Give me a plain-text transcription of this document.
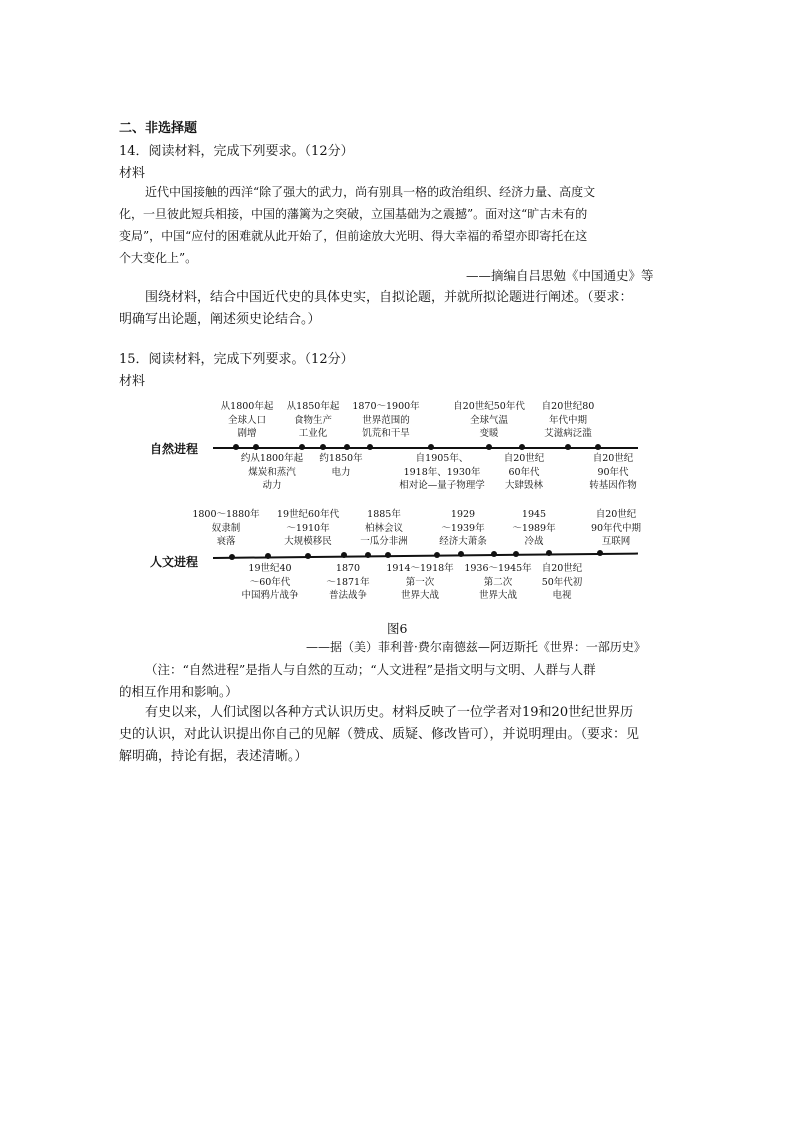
二、非选择题
14．阅读材料，完成下列要求。（12分）
材料
近代中国接触的西洋“除了强大的武力，尚有别具一格的政治组织、经济力量、高度文
化，一旦彼此短兵相接，中国的藩篱为之突破，立国基础为之震撼”。面对这“旷古未有的
变局”，中国“应付的困难就从此开始了，但前途放大光明、得大幸福的希望亦即寄托在这
个大变化上”。
——摘编自吕思勉《中国通史》等
围绕材料，结合中国近代史的具体史实，自拟论题，并就所拟论题进行阐述。（要求：
明确写出论题，阐述须史论结合。）
15．阅读材料，完成下列要求。（12分）
材料
自然进程
从1800年起
全球人口
剧增
从1850年起
食物生产
工业化
1870～1900年
世界范围的
饥荒和干旱
自20世纪50年代
全球气温
变暖
自20世纪80
年代中期
艾滋病泛滥
约从1800年起
煤炭和蒸汽
动力
约1850年
电力
自1905年、
1918年、1930年
相对论—量子物理学
自20世纪
60年代
大肆毁林
自20世纪
90年代
转基因作物
人文进程
1800～1880年
奴隶制
衰落
19世纪60年代
～1910年
大规模移民
1885年
柏林会议
一瓜分非洲
1929
～1939年
经济大萧条
1945
～1989年
冷战
自20世纪
90年代中期
互联网
19世纪40
～60年代
中国鸦片战争
1870
～1871年
普法战争
1914～1918年
第一次
世界大战
1936～1945年
第二次
世界大战
自20世纪
50年代初
电视
图6
——据（美）菲利普·费尔南德兹—阿迈斯托《世界：一部历史》
（注：“自然进程”是指人与自然的互动；“人文进程”是指文明与文明、人群与人群
的相互作用和影响。）
有史以来，人们试图以各种方式认识历史。材料反映了一位学者对19和20世纪世界历
史的认识，对此认识提出你自己的见解（赞成、质疑、修改皆可），并说明理由。（要求：见
解明确，持论有据，表述清晰。）
